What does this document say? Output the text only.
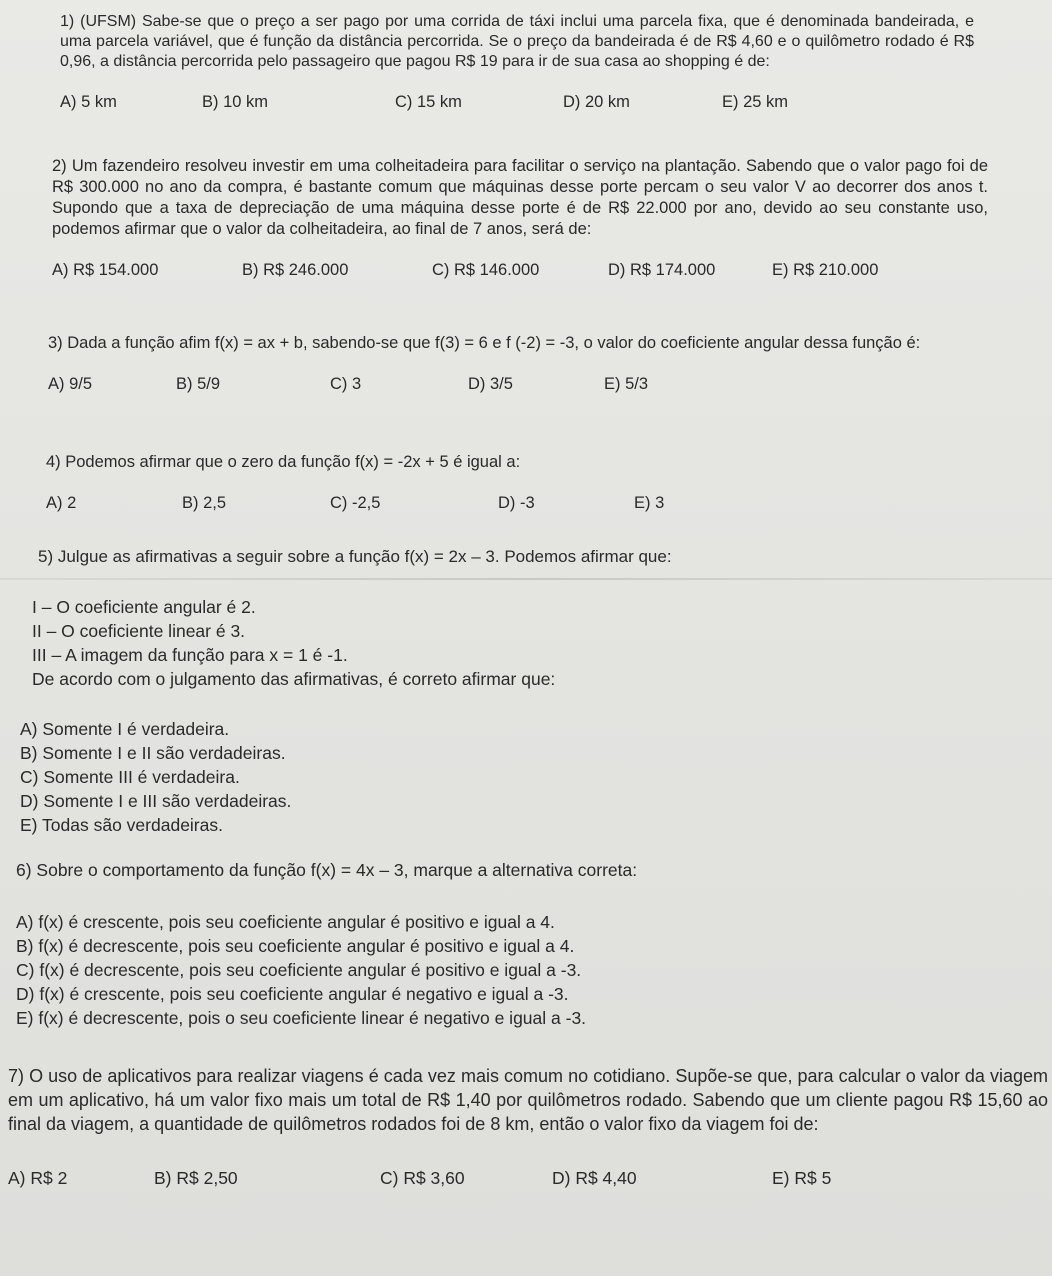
1) (UFSM) Sabe-se que o preço a ser pago por uma corrida de táxi inclui uma parcela fixa, que é denominada bandeirada, e uma parcela variável, que é função da distância percorrida. Se o preço da bandeirada é de R$ 4,60 e o quilômetro rodado é R$ 0,96, a distância percorrida pelo passageiro que pagou R$ 19 para ir de sua casa ao shopping é de:

A) 5 km	B) 10 km	C) 15 km	D) 20 km	E) 25 km

2) Um fazendeiro resolveu investir em uma colheitadeira para facilitar o serviço na plantação. Sabendo que o valor pago foi de R$ 300.000 no ano da compra, é bastante comum que máquinas desse porte percam o seu valor V ao decorrer dos anos t. Supondo que a taxa de depreciação de uma máquina desse porte é de R$ 22.000 por ano, devido ao seu constante uso, podemos afirmar que o valor da colheitadeira, ao final de 7 anos, será de:

A) R$ 154.000	B) R$ 246.000	C) R$ 146.000	D) R$ 174.000	E) R$ 210.000

3) Dada a função afim f(x) = ax + b, sabendo-se que f(3) = 6 e f (-2) = -3, o valor do coeficiente angular dessa função é:

A) 9/5	B) 5/9	C) 3	D) 3/5	E) 5/3

4) Podemos afirmar que o zero da função f(x) = -2x + 5 é igual a:

A) 2	B) 2,5	C) -2,5	D) -3	E) 3

5) Julgue as afirmativas a seguir sobre a função f(x) = 2x – 3. Podemos afirmar que:

I – O coeficiente angular é 2.
II – O coeficiente linear é 3.
III – A imagem da função para x = 1 é -1.
De acordo com o julgamento das afirmativas, é correto afirmar que:
A) Somente I é verdadeira.
B) Somente I e II são verdadeiras.
C) Somente III é verdadeira.
D) Somente I e III são verdadeiras.
E) Todas são verdadeiras.

6) Sobre o comportamento da função f(x) = 4x – 3, marque a alternativa correta:

A) f(x) é crescente, pois seu coeficiente angular é positivo e igual a 4.
B) f(x) é decrescente, pois seu coeficiente angular é positivo e igual a 4.
C) f(x) é decrescente, pois seu coeficiente angular é positivo e igual a -3.
D) f(x) é crescente, pois seu coeficiente angular é negativo e igual a -3.
E) f(x) é decrescente, pois o seu coeficiente linear é negativo e igual a -3.

7) O uso de aplicativos para realizar viagens é cada vez mais comum no cotidiano. Supõe-se que, para calcular o valor da viagem em um aplicativo, há um valor fixo mais um total de R$ 1,40 por quilômetros rodado. Sabendo que um cliente pagou R$ 15,60 ao final da viagem, a quantidade de quilômetros rodados foi de 8 km, então o valor fixo da viagem foi de:

A) R$ 2	B) R$ 2,50	C) R$ 3,60	D) R$ 4,40	E) R$ 5
